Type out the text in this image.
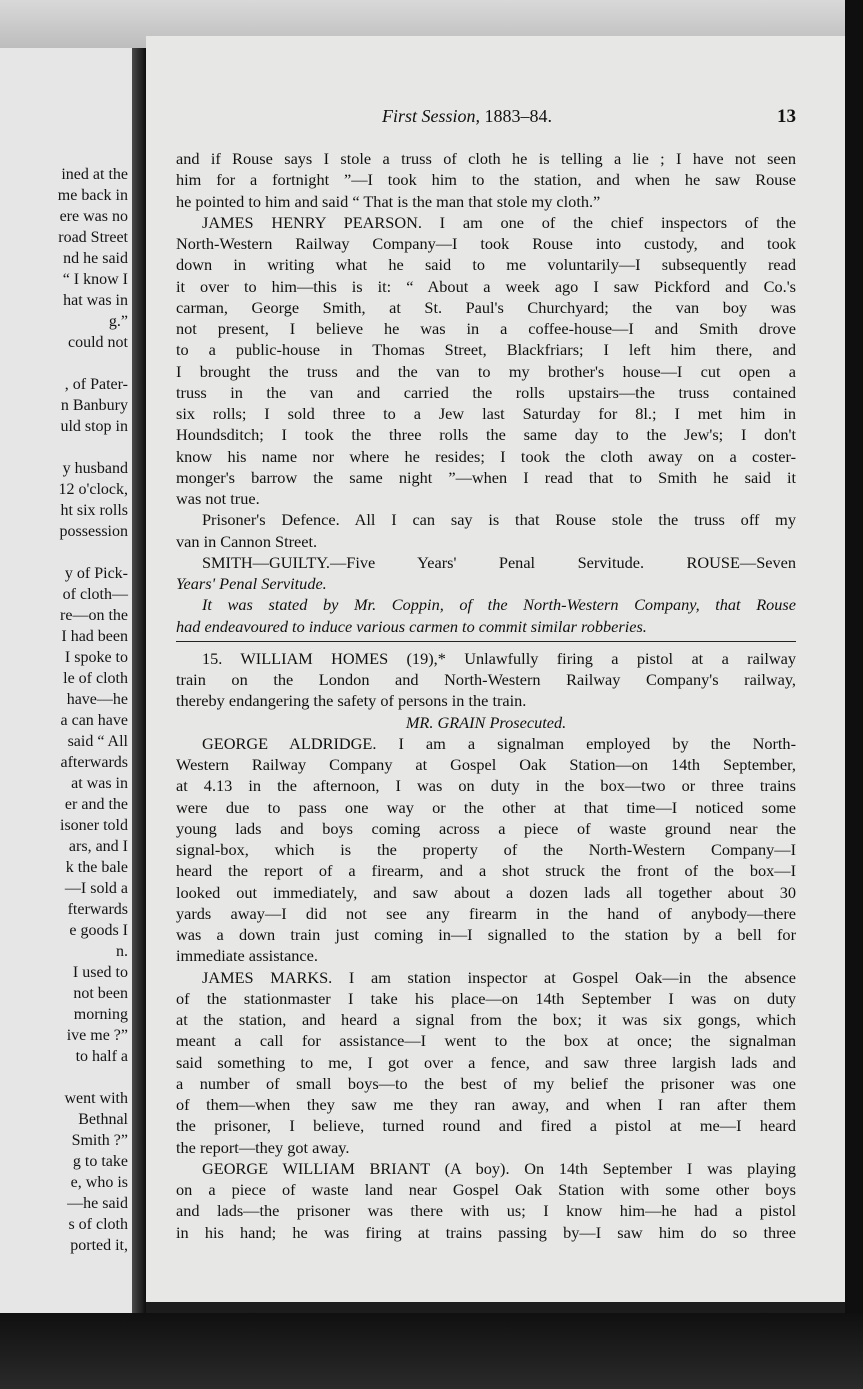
ined at the
me back in
ere was no
road Street
nd he said
“ I know I
hat was in
g.”
could not
, of Pater-
n Banbury
uld stop in
y husband
12 o'clock,
ht six rolls
possession
y of Pick-
of cloth—
re—on the
I had been
I spoke to
le of cloth
have—he
a can have
said “ All
afterwards
at was in
er and the
isoner told
ars, and I
k the bale
—I sold a
fterwards
e goods I
n.
I used to
not been
morning
ive me ?”
to half a
went with
Bethnal
Smith ?”
g to take
e, who is
—he said
s of cloth
ported it,
First Session, 1883–84.	13
and if Rouse says I stole a truss of cloth he is telling a lie ; I have not seen
him for a fortnight ”—I took him to the station, and when he saw Rouse
he pointed to him and said “ That is the man that stole my cloth.”
JAMES HENRY PEARSON. I am one of the chief inspectors of the
North-Western Railway Company—I took Rouse into custody, and took
down in writing what he said to me voluntarily—I subsequently read
it over to him—this is it: “ About a week ago I saw Pickford and Co.'s
carman, George Smith, at St. Paul's Churchyard; the van boy was
not present, I believe he was in a coffee-house—I and Smith drove
to a public-house in Thomas Street, Blackfriars; I left him there, and
I brought the truss and the van to my brother's house—I cut open a
truss in the van and carried the rolls upstairs—the truss contained
six rolls; I sold three to a Jew last Saturday for 8l.; I met him in
Houndsditch; I took the three rolls the same day to the Jew's; I don't
know his name nor where he resides; I took the cloth away on a coster-
monger's barrow the same night ”—when I read that to Smith he said it
was not true.
Prisoner's Defence. All I can say is that Rouse stole the truss off my
van in Cannon Street.
SMITH—GUILTY.—Five Years' Penal Servitude. ROUSE—Seven
Years' Penal Servitude.
It was stated by Mr. Coppin, of the North-Western Company, that Rouse
had endeavoured to induce various carmen to commit similar robberies.
15. WILLIAM HOMES (19),* Unlawfully firing a pistol at a railway
train on the London and North-Western Railway Company's railway,
thereby endangering the safety of persons in the train.
MR. GRAIN Prosecuted.
GEORGE ALDRIDGE. I am a signalman employed by the North-
Western Railway Company at Gospel Oak Station—on 14th September,
at 4.13 in the afternoon, I was on duty in the box—two or three trains
were due to pass one way or the other at that time—I noticed some
young lads and boys coming across a piece of waste ground near the
signal-box, which is the property of the North-Western Company—I
heard the report of a firearm, and a shot struck the front of the box—I
looked out immediately, and saw about a dozen lads all together about 30
yards away—I did not see any firearm in the hand of anybody—there
was a down train just coming in—I signalled to the station by a bell for
immediate assistance.
JAMES MARKS. I am station inspector at Gospel Oak—in the absence
of the stationmaster I take his place—on 14th September I was on duty
at the station, and heard a signal from the box; it was six gongs, which
meant a call for assistance—I went to the box at once; the signalman
said something to me, I got over a fence, and saw three largish lads and
a number of small boys—to the best of my belief the prisoner was one
of them—when they saw me they ran away, and when I ran after them
the prisoner, I believe, turned round and fired a pistol at me—I heard
the report—they got away.
GEORGE WILLIAM BRIANT (A boy). On 14th September I was playing
on a piece of waste land near Gospel Oak Station with some other boys
and lads—the prisoner was there with us; I know him—he had a pistol
in his hand; he was firing at trains passing by—I saw him do so three
